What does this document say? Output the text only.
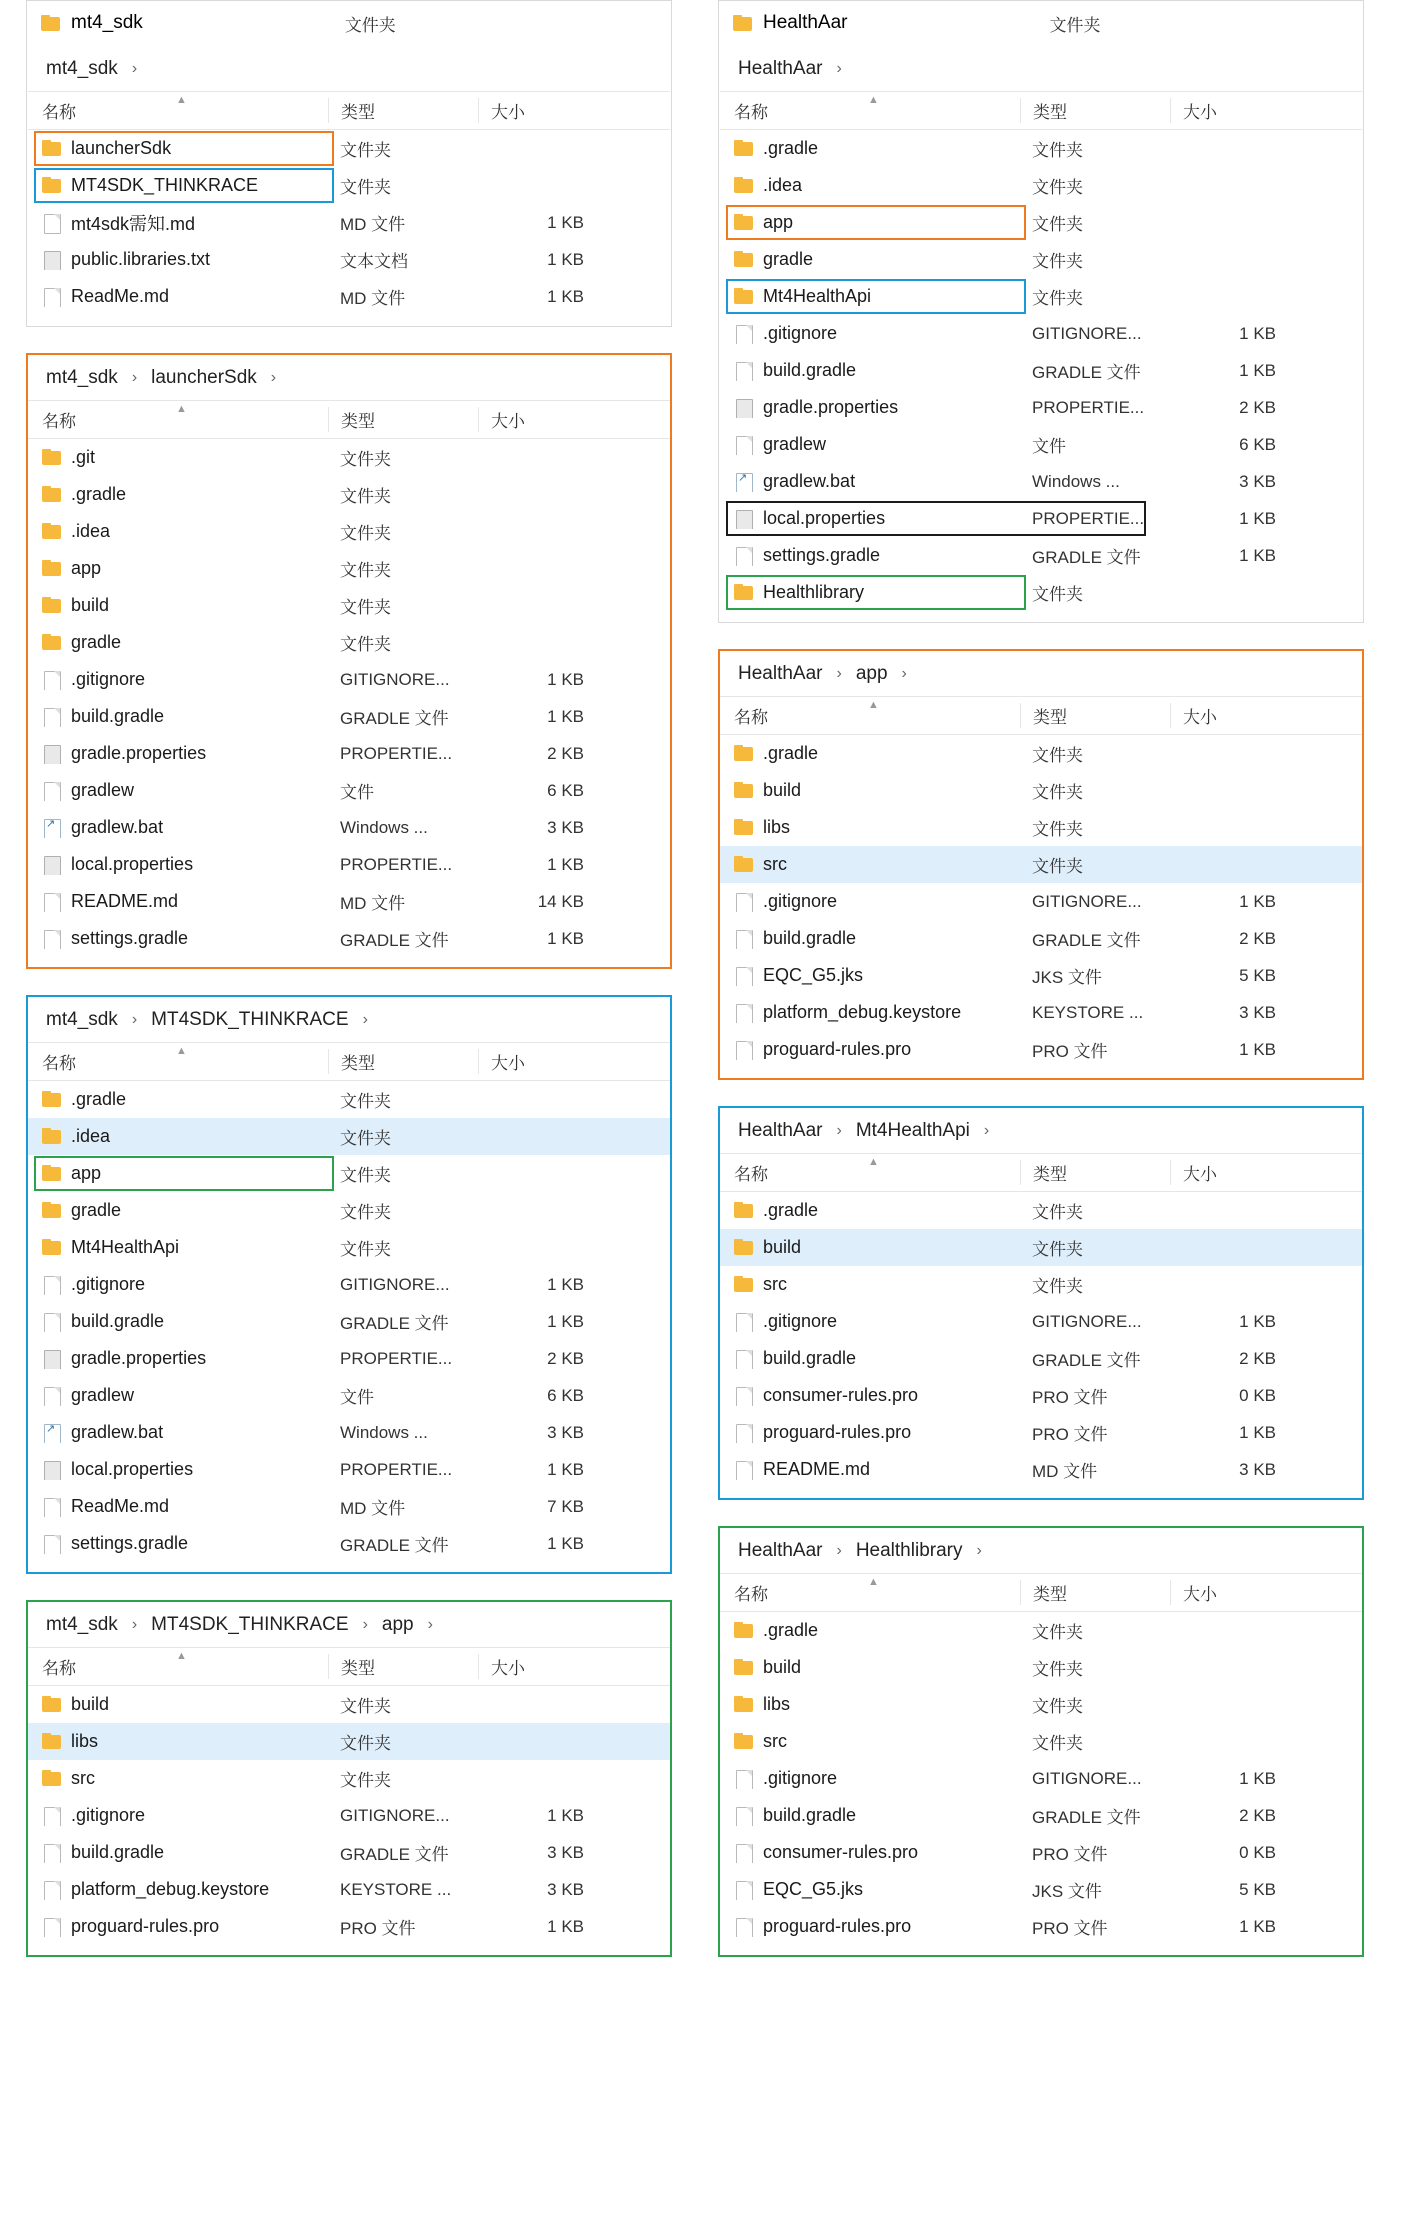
mt4_sdk	文件夹
mt4_sdk ›
名称
▲
类型	大小
launcherSdk	文件夹
MT4SDK_THINKRACE	文件夹
mt4sdk需知.md	MD 文件	1 KB
public.libraries.txt	文本文档	1 KB
ReadMe.md	MD 文件	1 KB
mt4_sdk › launcherSdk ›
名称
▲
类型	大小
.git	文件夹
.gradle	文件夹
.idea	文件夹
app	文件夹
build	文件夹
gradle	文件夹
.gitignore	GITIGNORE...	1 KB
build.gradle	GRADLE 文件	1 KB
gradle.properties	PROPERTIE...	2 KB
gradlew	文件	6 KB
↗
gradlew.bat	Windows ...	3 KB
local.properties	PROPERTIE...	1 KB
README.md	MD 文件	14 KB
settings.gradle	GRADLE 文件	1 KB
mt4_sdk › MT4SDK_THINKRACE ›
名称
▲
类型	大小
.gradle	文件夹
.idea	文件夹
app	文件夹
gradle	文件夹
Mt4HealthApi	文件夹
.gitignore	GITIGNORE...	1 KB
build.gradle	GRADLE 文件	1 KB
gradle.properties	PROPERTIE...	2 KB
gradlew	文件	6 KB
↗
gradlew.bat	Windows ...	3 KB
local.properties	PROPERTIE...	1 KB
ReadMe.md	MD 文件	7 KB
settings.gradle	GRADLE 文件	1 KB
mt4_sdk › MT4SDK_THINKRACE › app ›
名称
▲
类型	大小
build	文件夹
libs	文件夹
src	文件夹
.gitignore	GITIGNORE...	1 KB
build.gradle	GRADLE 文件	3 KB
platform_debug.keystore	KEYSTORE ...	3 KB
proguard-rules.pro	PRO 文件	1 KB
HealthAar	文件夹
HealthAar ›
名称
▲
类型	大小
.gradle	文件夹
.idea	文件夹
app	文件夹
gradle	文件夹
Mt4HealthApi	文件夹
.gitignore	GITIGNORE...	1 KB
build.gradle	GRADLE 文件	1 KB
gradle.properties	PROPERTIE...	2 KB
gradlew	文件	6 KB
↗
gradlew.bat	Windows ...	3 KB
local.properties	PROPERTIE...	1 KB
settings.gradle	GRADLE 文件	1 KB
Healthlibrary	文件夹
HealthAar › app ›
名称
▲
类型	大小
.gradle	文件夹
build	文件夹
libs	文件夹
src	文件夹
.gitignore	GITIGNORE...	1 KB
build.gradle	GRADLE 文件	2 KB
EQC_G5.jks	JKS 文件	5 KB
platform_debug.keystore	KEYSTORE ...	3 KB
proguard-rules.pro	PRO 文件	1 KB
HealthAar › Mt4HealthApi ›
名称
▲
类型	大小
.gradle	文件夹
build	文件夹
src	文件夹
.gitignore	GITIGNORE...	1 KB
build.gradle	GRADLE 文件	2 KB
consumer-rules.pro	PRO 文件	0 KB
proguard-rules.pro	PRO 文件	1 KB
README.md	MD 文件	3 KB
HealthAar › Healthlibrary ›
名称
▲
类型	大小
.gradle	文件夹
build	文件夹
libs	文件夹
src	文件夹
.gitignore	GITIGNORE...	1 KB
build.gradle	GRADLE 文件	2 KB
consumer-rules.pro	PRO 文件	0 KB
EQC_G5.jks	JKS 文件	5 KB
proguard-rules.pro	PRO 文件	1 KB
